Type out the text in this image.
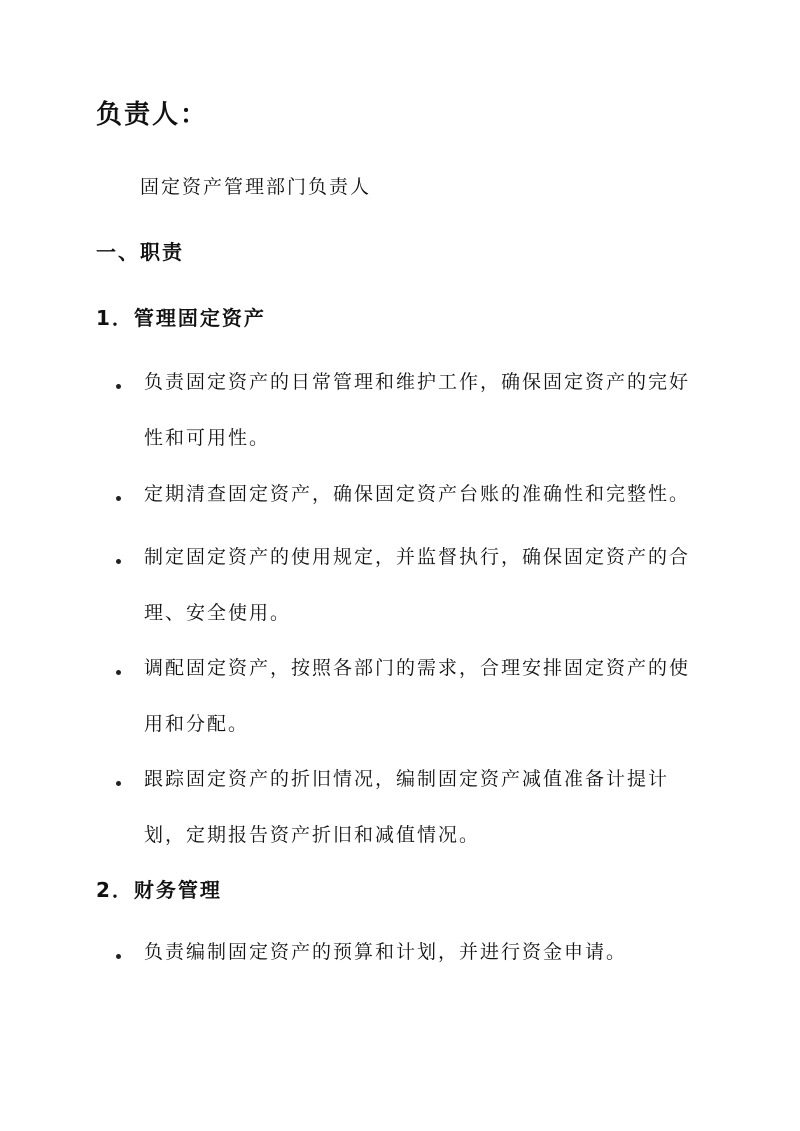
负责人：

固定资产管理部门负责人

一、职责
1．管理固定资产
负责固定资产的日常管理和维护工作，确保固定资产的完好性和可用性。
定期清查固定资产，确保固定资产台账的准确性和完整性。
制定固定资产的使用规定，并监督执行，确保固定资产的合理、安全使用。
调配固定资产，按照各部门的需求，合理安排固定资产的使用和分配。
跟踪固定资产的折旧情况，编制固定资产减值准备计提计划，定期报告资产折旧和减值情况。
2．财务管理
负责编制固定资产的预算和计划，并进行资金申请。
